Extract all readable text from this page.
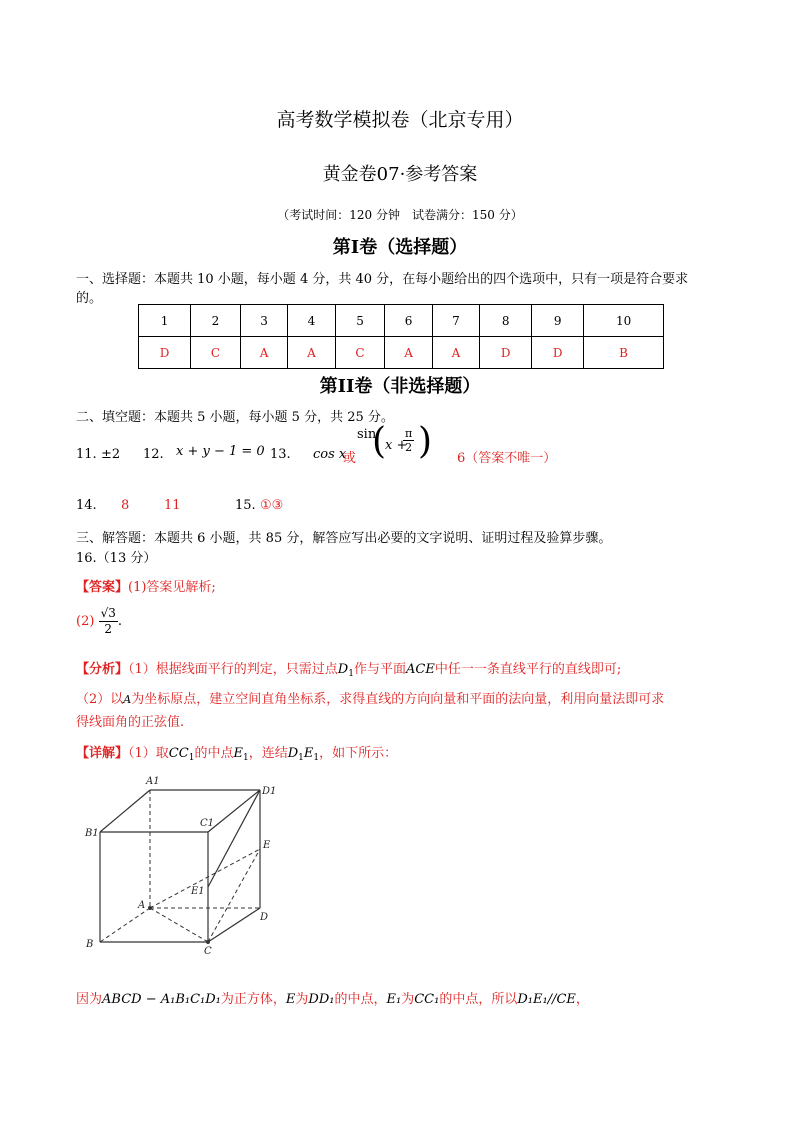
高考数学模拟卷（北京专用）
黄金卷07·参考答案
（考试时间：120 分钟　试卷满分：150 分）
第I卷（选择题）
一、选择题：本题共 10 小题，每小题 4 分，共 40 分，在每小题给出的四个选项中，只有一项是符合要求
的。
1	2	3	4	5	6	7	8	9	10
D	C	A	A	C	A	A	D	D	B
第II卷（非选择题）
二、填空题：本题共 5 小题，每小题 5 分，共 25 分。
11. ±2 12. x + y − 1 = 0 13. cos x
或
sin
(
x +
$\frac{\pi}{2}$ ) 6（答案不唯一）
14. 8	11	15. ①③
三、解答题：本题共 6 小题，共 85 分，解答应写出必要的文字说明、证明过程及验算步骤。
16.（13 分）
【答案】(1)答案见解析;
$(2) \frac{√3}{2}$ .
【分析】（1）根据线面平行的判定，只需过点$D_1$作与平面ACE中任一一条直线平行的直线即可;
（2）以A为坐标原点，建立空间直角坐标系，求得直线的方向向量和平面的法向量，利用向量法即可求
得线面角的正弦值.
【详解】（1）取$CC_1$的中点$E_1$，连结$D_1E_1$，如下所示：
A1
D1
C1
B1
E
E1
A
D
B
C
因为ABCD − A₁B₁C₁D₁为正方体，E为DD₁的中点，E₁为CC₁的中点，所以D₁E₁//CE，
